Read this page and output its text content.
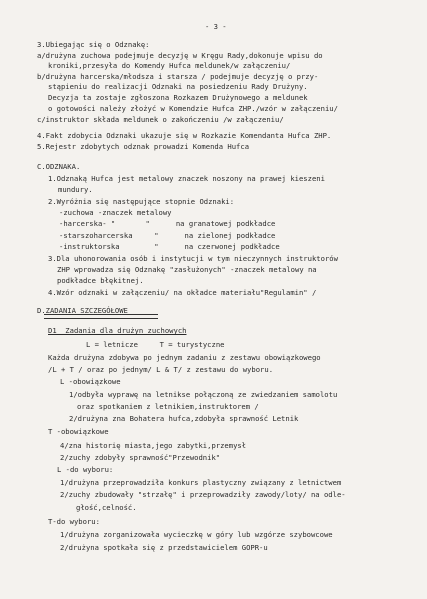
- 3 -
3.Ubiegając się o Odznakę:
a/drużyna zuchowa podejmuje decyzję w Kręgu Rady,dokonuje wpisu do
kroniki,przesyła do Komendy Hufca meldunek/w załączeniu/
b/drużyna harcerska/młodsza i starsza / podejmuje decyzję o przy-
stąpieniu do realizacji Odznaki na posiedzeniu Rady Drużyny.
Decyzja ta zostaje zgłoszona Rozkazem Drużynowego a meldunek
o gotowości należy złożyć w Komendzie Hufca ZHP./wzór w załączeniu/
c/instruktor składa meldunek o zakończeniu /w załączeniu/
4.Fakt zdobycia Odznaki ukazuje się w Rozkazie Komendanta Hufca ZHP.
5.Rejestr zdobytych odznak prowadzi Komenda Hufca
C.ODZNAKA.
1.Odznaką Hufca jest metalowy znaczek noszony na prawej kieszeni
mundury.
2.Wyróżnia się następujące stopnie Odznaki:
-zuchowa -znaczek metalowy
-harcerska- "       "      na granatowej podkładce
-starszoharcerska     "      na zielonej podkładce
-instruktorska        "      na czerwonej podkładce
3.Dla uhonorowania osób i instytucji w tym nieczynnych instruktorów
ZHP wprowadza się Odznakę "zasłużonych" -znaczek metalowy na
podkładce błękitnej.
4.Wzór odznaki w załączeniu/ na okładce materiału"Regulamin" /
D.ZADANIA SZCZEGÓŁOWE
D1  Zadania dla drużyn zuchowych
L = letnicze     T = turystyczne
Każda drużyna zdobywa po jednym zadaniu z zestawu obowiązkowego
/L + T / oraz po jednym/ L & T/ z zestawu do wyboru.
L -obowiązkowe
1/odbyła wyprawę na letnikse połączoną ze zwiedzaniem samolotu
oraz spotkaniem z letnikiem,instruktorem /
2/drużyna zna Bohatera hufca,zdobyła sprawność Letnik
T -obowiązkowe
4/zna historię miasta,jego zabytki,przemysł
2/zuchy zdobyły sprawność"Przewodnik"
L -do wyboru:
1/drużyna przeprowadziła konkurs plastyczny związany z letnictwem
2/zuchy zbudowały "strzałę" i przeprowadziły zawody/loty/ na odle-
głość,celność.
T-do wyboru:
1/drużyna zorganizowała wycieczkę w góry lub wzgórze szybowcowe
2/drużyna spotkała się z przedstawicielem GOPR-u
